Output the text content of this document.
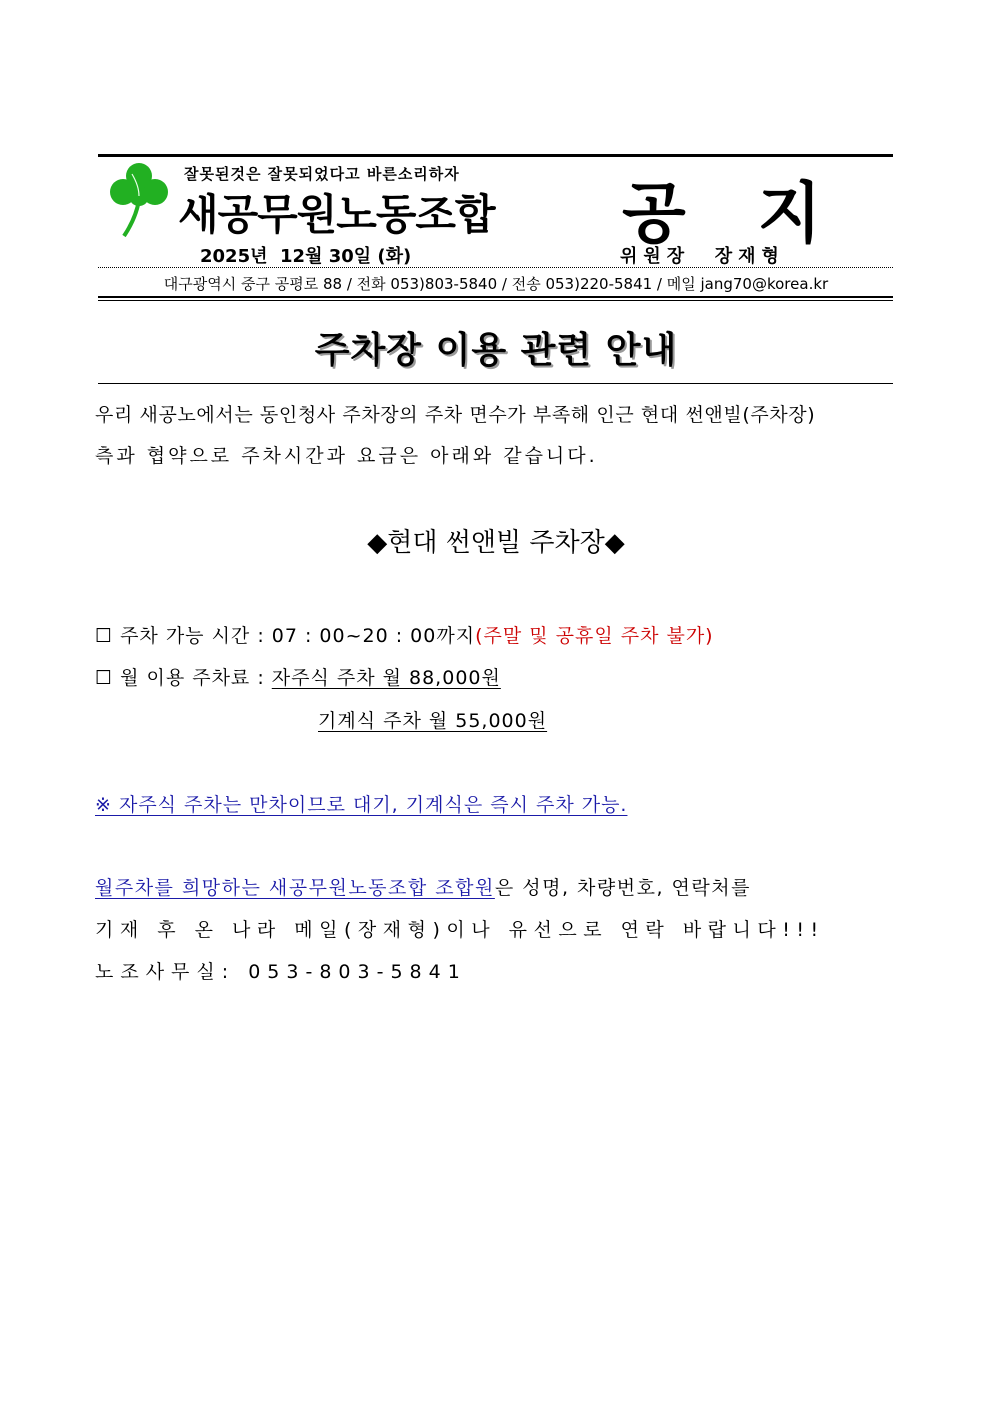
잘못된것은 잘못되었다고 바른소리하자
새공무원노동조합 공지
2025년  12월 30일 (화)	위원장  장재형
대구광역시 중구 공평로 88 / 전화 053)803-5840 / 전송 053)220-5841 / 메일 jang70@korea.kr
주차장 이용 관련 안내
우리 새공노에서는 동인청사 주차장의 주차 면수가 부족해 인근 현대 썬앤빌(주차장)
측과 협약으로 주차시간과 요금은 아래와 같습니다.
◆현대 썬앤빌 주차장◆
☐ 주차 가능 시간 : 07 : 00~20 : 00까지(주말 및 공휴일 주차 불가)
☐ 월 이용 주차료 : 자주식 주차 월 88,000원
기계식 주차 월 55,000원
※ 자주식 주차는 만차이므로 대기, 기계식은 즉시 주차 가능.
월주차를 희망하는 새공무원노동조합 조합원은 성명, 차량번호, 연락처를
기재 후 온 나라 메일(장재형)이나 유선으로 연락 바랍니다!!!
노조사무실: 053-803-5841
